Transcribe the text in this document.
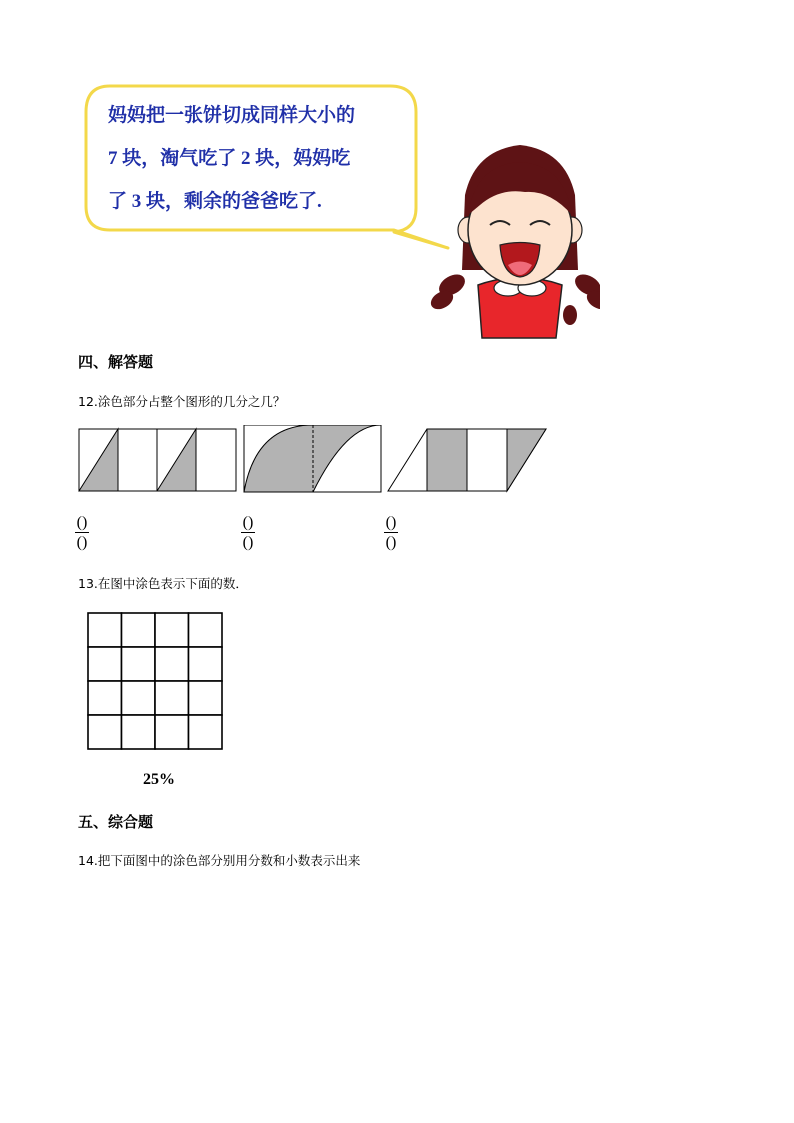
妈妈把一张饼切成同样大小的
7 块，淘气吃了 2 块，妈妈吃
了 3 块，剩余的爸爸吃了.
四、解答题
12.涂色部分占整个图形的几分之几？
()
()
()
()
()
()
13.在图中涂色表示下面的数．
25%
五、综合题
14.把下面图中的涂色部分别用分数和小数表示出来
